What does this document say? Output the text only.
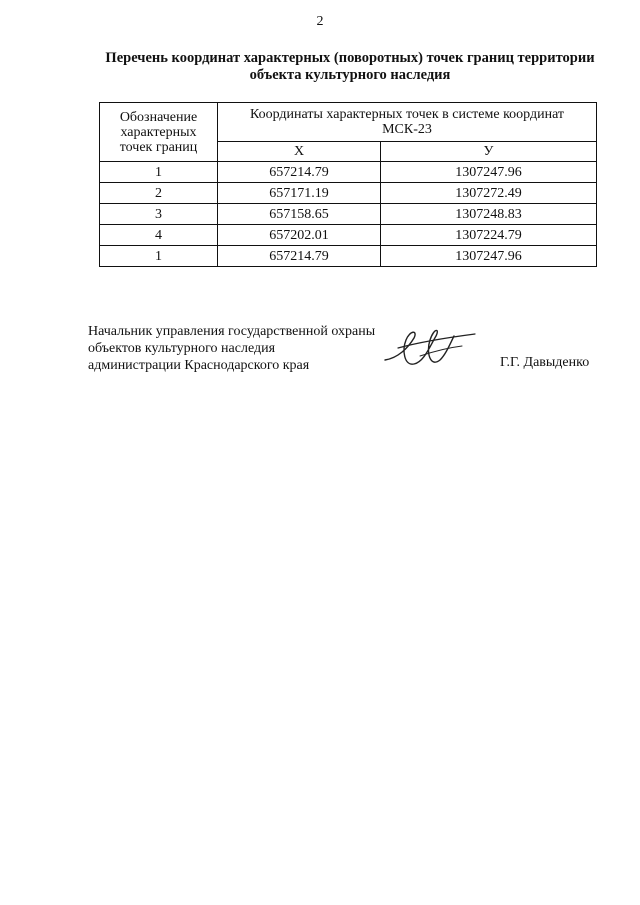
2
Перечень координат характерных (поворотных) точек границ территории
объекта культурного наследия
Обозначение
характерных
точек границ	Координаты характерных точек в системе координат
МСК-23	

	X	У
1	657214.79	1307247.96
2	657171.19	1307272.49
3	657158.65	1307248.83
4	657202.01	1307224.79
1	657214.79	1307247.96
Начальник управления государственной охраны
объектов культурного наследия
администрации Краснодарского края	Г.Г. Давыденко
